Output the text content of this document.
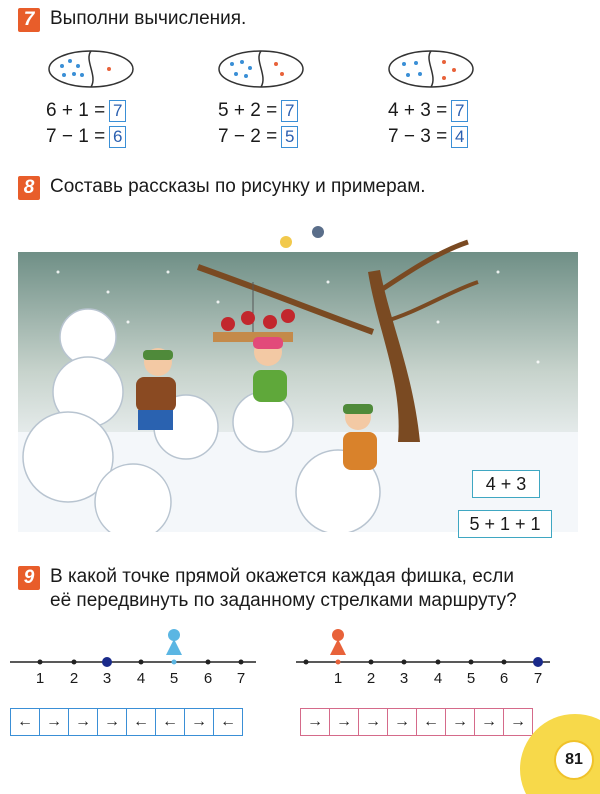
7 Выполни вычисления.
6 + 1 = 7
7 − 1 = 6
5 + 2 = 7
7 − 2 = 5
4 + 3 = 7
7 − 3 = 4
8 Составь рассказы по рисунку и примерам.
4 + 3
5 + 1 + 1
9 В какой точке прямой окажется каждая фишка, если
её передвинуть по заданному стрелками маршруту?
1	2	3	4	5	6	7
← → → → ← ← → ←
1	2	3	4	5	6	7
→ → → → ← → → →
81
